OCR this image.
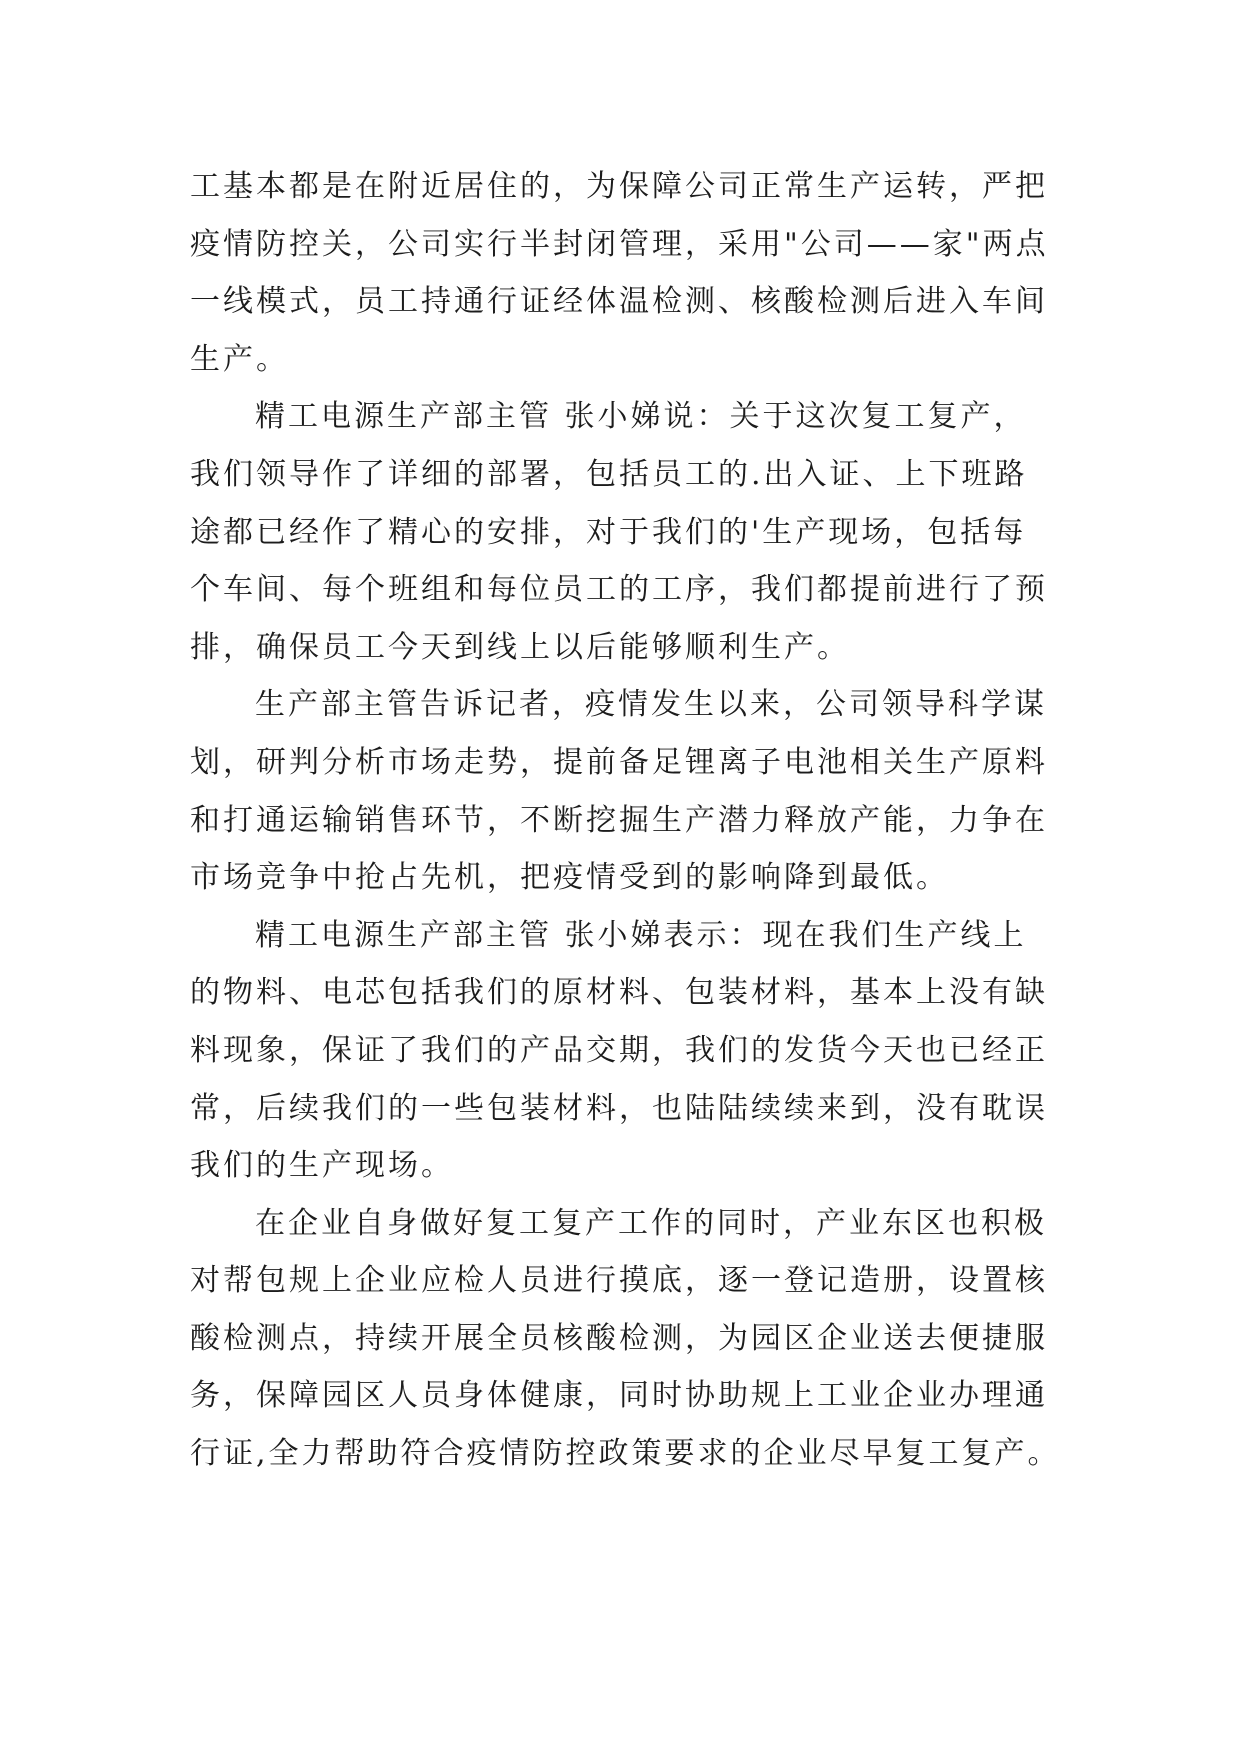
工基本都是在附近居住的，为保障公司正常生产运转，严把
疫情防控关，公司实行半封闭管理，采用"公司——家"两点
一线模式，员工持通行证经体温检测、核酸检测后进入车间
生产。
精工电源生产部主管 张小娣说：关于这次复工复产，
我们领导作了详细的部署，包括员工的.出入证、上下班路
途都已经作了精心的安排，对于我们的'生产现场，包括每
个车间、每个班组和每位员工的工序，我们都提前进行了预
排，确保员工今天到线上以后能够顺利生产。
生产部主管告诉记者，疫情发生以来，公司领导科学谋
划，研判分析市场走势，提前备足锂离子电池相关生产原料
和打通运输销售环节，不断挖掘生产潜力释放产能，力争在
市场竞争中抢占先机，把疫情受到的影响降到最低。
精工电源生产部主管 张小娣表示：现在我们生产线上
的物料、电芯包括我们的原材料、包装材料，基本上没有缺
料现象，保证了我们的产品交期，我们的发货今天也已经正
常，后续我们的一些包装材料，也陆陆续续来到，没有耽误
我们的生产现场。
在企业自身做好复工复产工作的同时，产业东区也积极
对帮包规上企业应检人员进行摸底，逐一登记造册，设置核
酸检测点，持续开展全员核酸检测，为园区企业送去便捷服
务，保障园区人员身体健康，同时协助规上工业企业办理通
行证,全力帮助符合疫情防控政策要求的企业尽早复工复产。
